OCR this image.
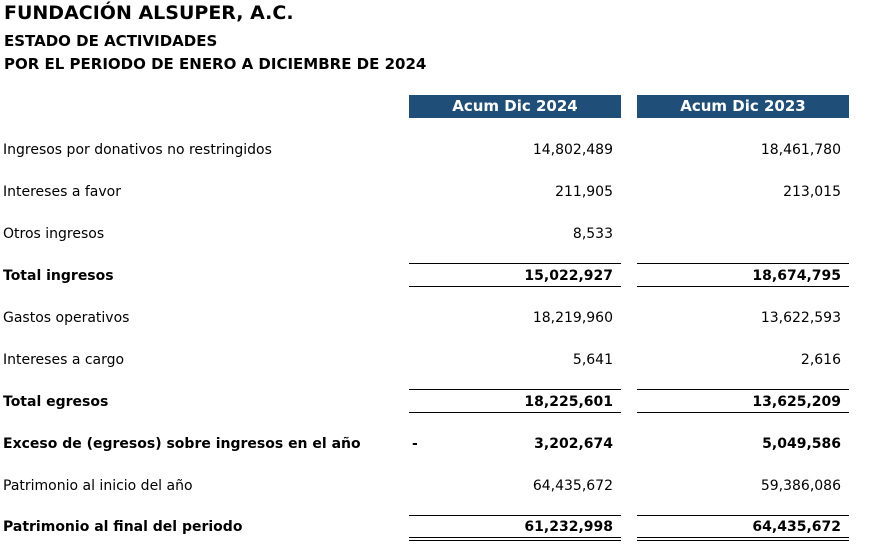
FUNDACIÓN ALSUPER, A.C.
ESTADO DE ACTIVIDADES
POR EL PERIODO DE ENERO A DICIEMBRE DE 2024
Acum Dic 2024	Acum Dic 2023
Ingresos por donativos no restringidos	14,802,489	18,461,780
Intereses a favor	211,905	213,015
Otros ingresos	8,533
Total ingresos	15,022,927	18,674,795
Gastos operativos	18,219,960	13,622,593
Intereses a cargo	5,641	2,616
Total egresos	18,225,601	13,625,209
Exceso de (egresos) sobre ingresos en el año	-	3,202,674	5,049,586
Patrimonio al inicio del año	64,435,672	59,386,086
Patrimonio al final del periodo	61,232,998	64,435,672
